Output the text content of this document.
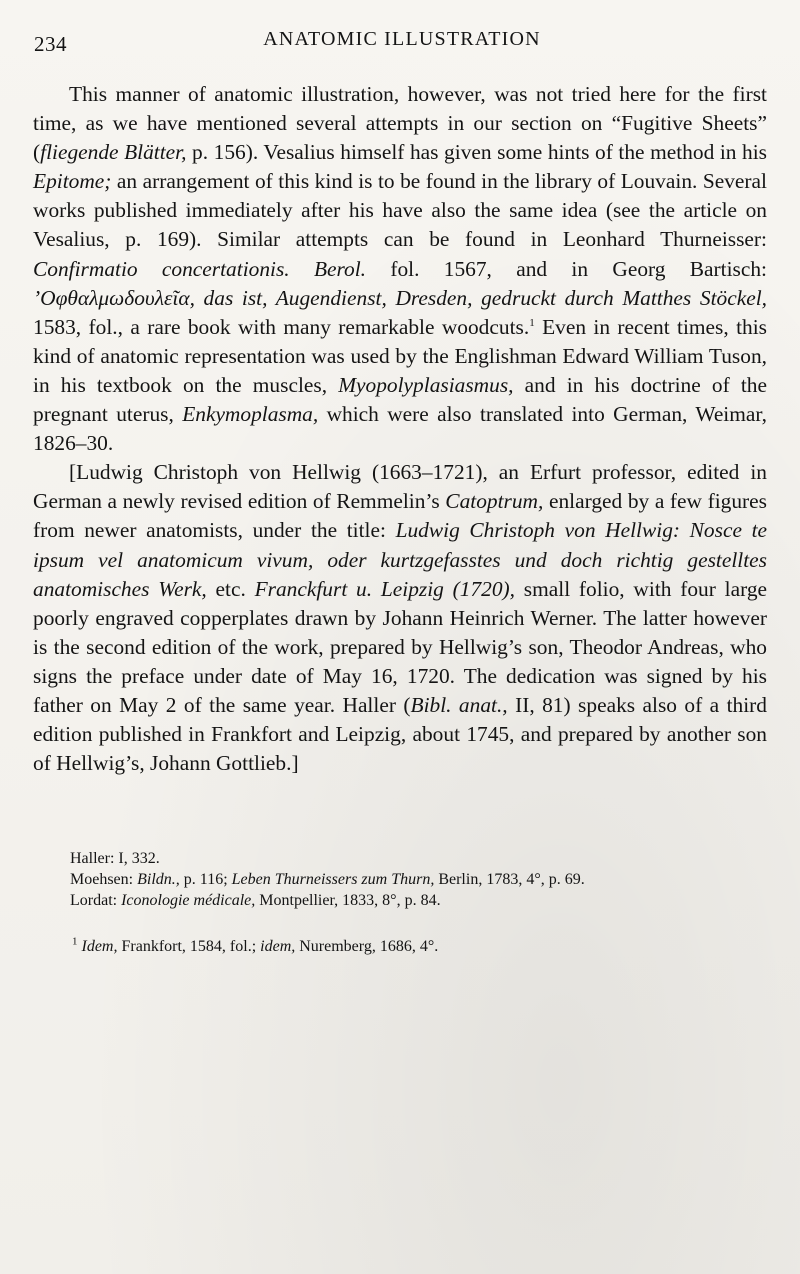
234	ANATOMIC ILLUSTRATION

This manner of anatomic illustration, however, was not tried here for the first time, as we have mentioned several attempts in our section on “Fugitive Sheets” (fliegende Blätter, p. 156). Vesalius himself has given some hints of the method in his Epitome; an arrangement of this kind is to be found in the library of Louvain. Several works published immediately after his have also the same idea (see the article on Vesalius, p. 169). Similar attempts can be found in Leonhard Thurneisser: Confirmatio concertationis. Berol. fol. 1567, and in Georg Bartisch: ’Οφθαλμωδουλεῖα, das ist, Augendienst, Dresden, gedruckt durch Matthes Stöckel, 1583, fol., a rare book with many remarkable woodcuts.$^1$ Even in recent times, this kind of anatomic representation was used by the Englishman Edward William Tuson, in his textbook on the muscles, Myopolyplasiasmus, and in his doctrine of the pregnant uterus, Enkymoplasma, which were also translated into German, Weimar, 1826–30.

[Ludwig Christoph von Hellwig (1663–1721), an Erfurt professor, edited in German a newly revised edition of Remmelin’s Catoptrum, enlarged by a few figures from newer anatomists, under the title: Ludwig Christoph von Hellwig: Nosce te ipsum vel anatomicum vivum, oder kurtzgefasstes und doch richtig gestelltes anatomisches Werk, etc. Franckfurt u. Leipzig (1720), small folio, with four large poorly engraved copperplates drawn by Johann Heinrich Werner. The latter however is the second edition of the work, prepared by Hellwig’s son, Theodor Andreas, who signs the preface under date of May 16, 1720. The dedication was signed by his father on May 2 of the same year. Haller (Bibl. anat., II, 81) speaks also of a third edition published in Frankfort and Leipzig, about 1745, and prepared by another son of Hellwig’s, Johann Gottlieb.]

Haller: I, 332.

Moehsen: Bildn., p. 116; Leben Thurneissers zum Thurn, Berlin, 1783, 4°, p. 69.

Lordat: Iconologie médicale, Montpellier, 1833, 8°, p. 84.

$^1$ Idem, Frankfort, 1584, fol.; idem, Nuremberg, 1686, 4°.
